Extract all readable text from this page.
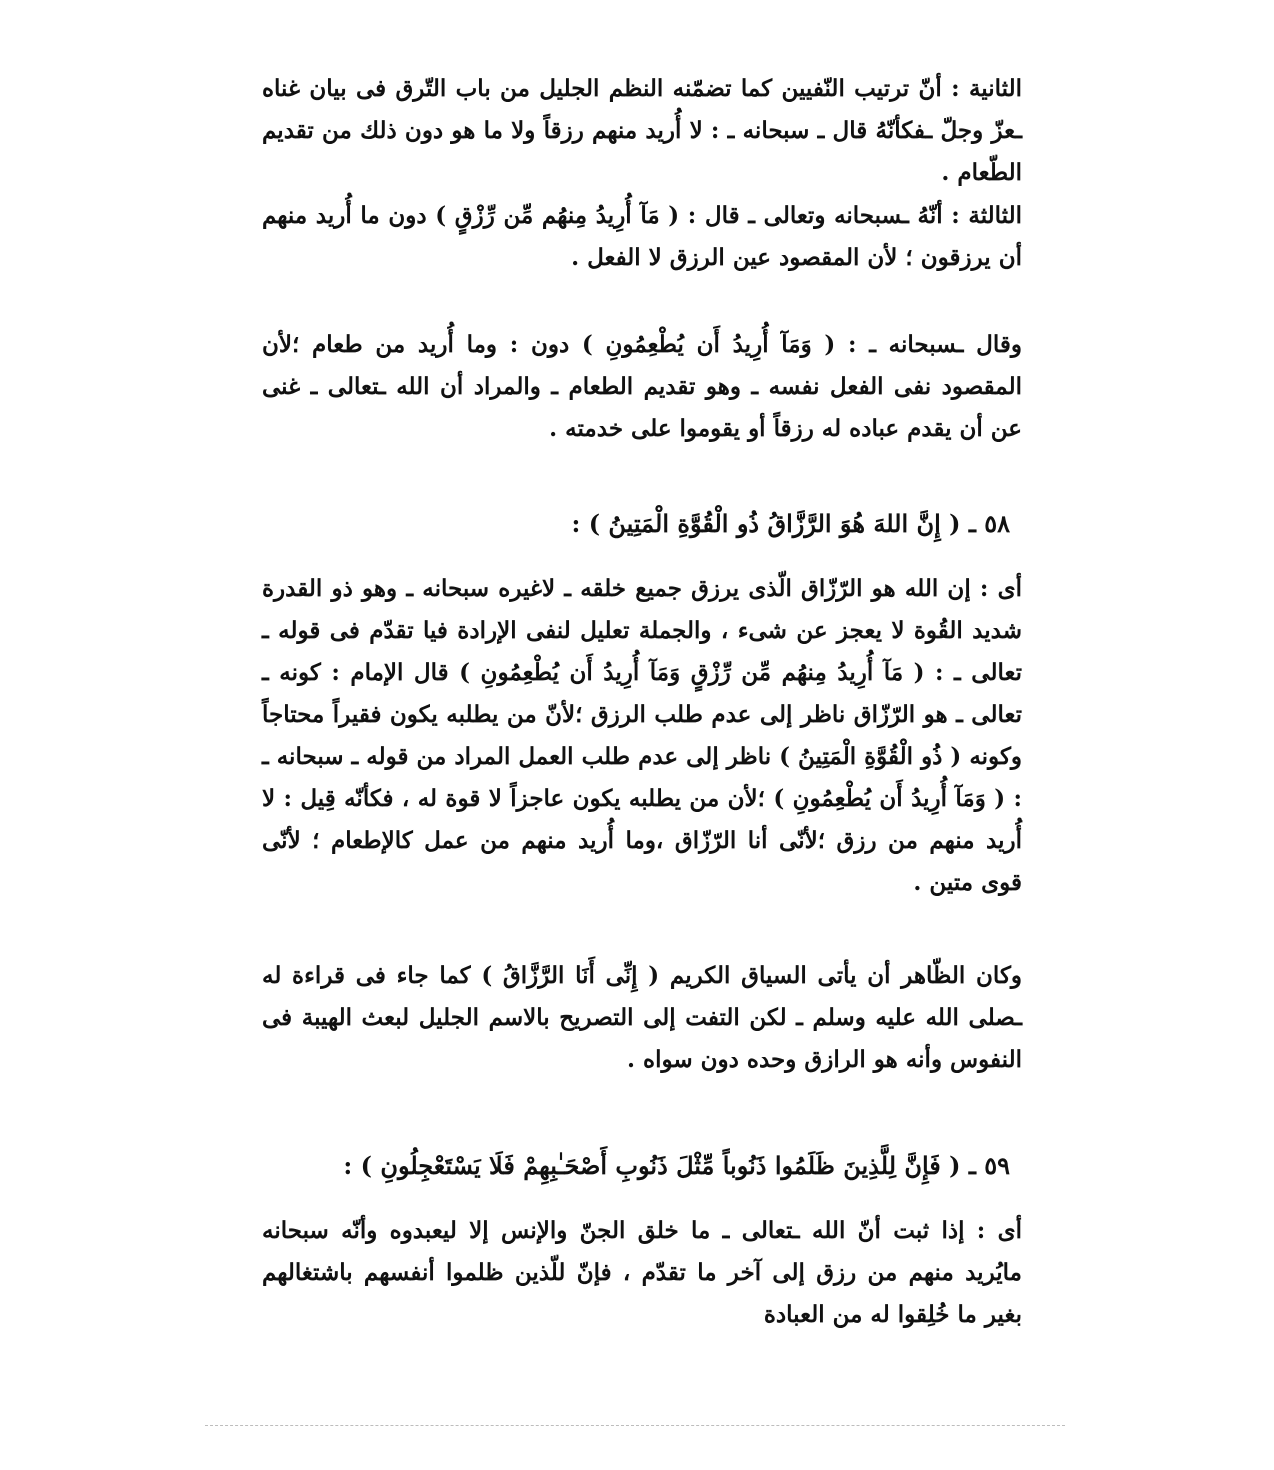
الثانية : أنّ ترتيب النّفيين كما تضمّنه النظم الجليل من باب التّرق فى بيان غناه ـعزّ وجلّ ـفكأنّهُ قال ـ سبحانه ـ : لا أُريد منهم رزقاً ولا ما هو دون ذلك من تقديم الطّعام .

الثالثة : أنّهُ ـسبحانه وتعالى ـ قال : ( مَآ أُرِيدُ مِنهُم مِّن رِّزْقٍ ) دون ما أُريد منهم أن يرزقون ؛ لأن المقصود عين الرزق لا الفعل .

وقال ـسبحانه ـ : ( وَمَآ أُرِيدُ أَن يُطْعِمُونِ ) دون : وما أُريد من طعام ؛لأن المقصود نفى الفعل نفسه ـ وهو تقديم الطعام ـ والمراد أن الله ـتعالى ـ غنى عن أن يقدم عباده له رزقاً أو يقوموا على خدمته .

٥٨ ـ ( إِنَّ اللهَ هُوَ الرَّزَّاقُ ذُو الْقُوَّةِ الْمَتِينُ ) :

أى : إن الله هو الرّزّاق الّذى يرزق جميع خلقه ـ لاغيره سبحانه ـ وهو ذو القدرة شديد القُوة لا يعجز عن شىء ، والجملة تعليل لنفى الإرادة فيا تقدّم فى قوله ـ تعالى ـ : ( مَآ أُرِيدُ مِنهُم مِّن رِّزْقٍ وَمَآ أُرِيدُ أَن يُطْعِمُونِ ) قال الإمام : كونه ـ تعالى ـ هو الرّزّاق ناظر إلى عدم طلب الرزق ؛لأنّ من يطلبه يكون فقيراً محتاجاً وكونه ( ذُو الْقُوَّةِ الْمَتِينُ ) ناظر إلى عدم طلب العمل المراد من قوله ـ سبحانه ـ : ( وَمَآ أُرِيدُ أَن يُطْعِمُونِ ) ؛لأن من يطلبه يكون عاجزاً لا قوة له ، فكأنّه قِيل : لا أُريد منهم من رزق ؛لأنّى أنا الرّزّاق ،وما أُريد منهم من عمل كالإطعام ؛ لأنّى قوى متين .

وكان الظّاهر أن يأتى السياق الكريم ( إِنِّى أَنَا الرَّزَّاقُ ) كما جاء فى قراءة له ـصلى الله عليه وسلم ـ لكن التفت إلى التصريح بالاسم الجليل لبعث الهيبة فى النفوس وأنه هو الرازق وحده دون سواه .

٥٩ ـ ( فَإِنَّ لِلَّذِينَ ظَلَمُوا ذَنُوباً مِّثْلَ ذَنُوبِ أَصْحَـٰبِهِمْ فَلَا يَسْتَعْجِلُونِ ) :

أى : إذا ثبت أنّ الله ـتعالى ـ ما خلق الجنّ والإنس إلا ليعبدوه وأنّه سبحانه مايُريد منهم من رزق إلى آخر ما تقدّم ، فإنّ للّذين ظلموا أنفسهم باشتغالهم بغير ما خُلِقوا له من العبادة
